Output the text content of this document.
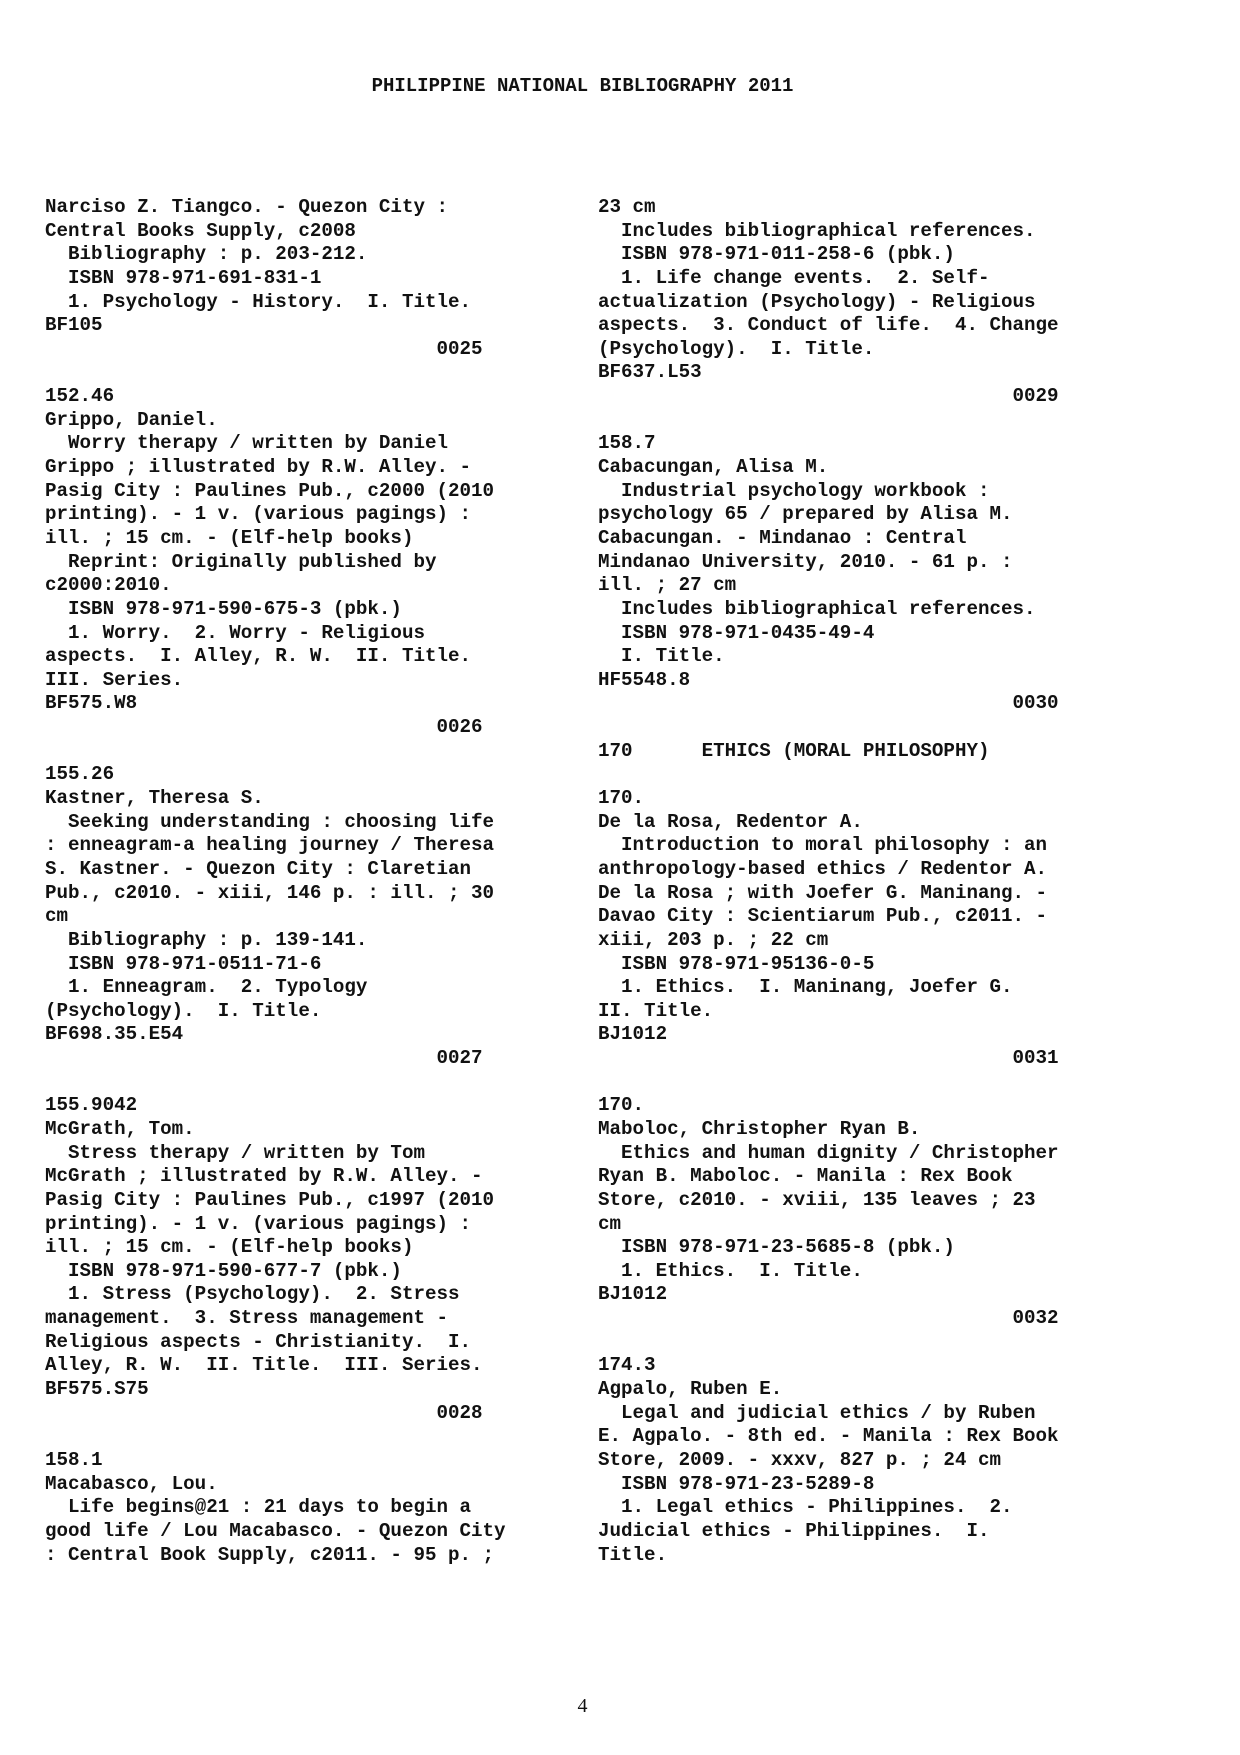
PHILIPPINE NATIONAL BIBLIOGRAPHY 2011
Narciso Z. Tiangco. - Quezon City :
Central Books Supply, c2008
Bibliography : p. 203-212.
ISBN 978-971-691-831-1
1. Psychology - History.  I. Title.
BF105
0025
152.46
Grippo, Daniel.
Worry therapy / written by Daniel
Grippo ; illustrated by R.W. Alley. -
Pasig City : Paulines Pub., c2000 (2010
printing). - 1 v. (various pagings) :
ill. ; 15 cm. - (Elf-help books)
Reprint: Originally published by
c2000:2010.
ISBN 978-971-590-675-3 (pbk.)
1. Worry.  2. Worry - Religious
aspects.  I. Alley, R. W.  II. Title.
III. Series.
BF575.W8
0026
155.26
Kastner, Theresa S.
Seeking understanding : choosing life
: enneagram-a healing journey / Theresa
S. Kastner. - Quezon City : Claretian
Pub., c2010. - xiii, 146 p. : ill. ; 30
cm
Bibliography : p. 139-141.
ISBN 978-971-0511-71-6
1. Enneagram.  2. Typology
(Psychology).  I. Title.
BF698.35.E54
0027
155.9042
McGrath, Tom.
Stress therapy / written by Tom
McGrath ; illustrated by R.W. Alley. -
Pasig City : Paulines Pub., c1997 (2010
printing). - 1 v. (various pagings) :
ill. ; 15 cm. - (Elf-help books)
ISBN 978-971-590-677-7 (pbk.)
1. Stress (Psychology).  2. Stress
management.  3. Stress management -
Religious aspects - Christianity.  I.
Alley, R. W.  II. Title.  III. Series.
BF575.S75
0028
158.1
Macabasco, Lou.
Life begins@21 : 21 days to begin a
good life / Lou Macabasco. - Quezon City
: Central Book Supply, c2011. - 95 p. ;
23 cm
Includes bibliographical references.
ISBN 978-971-011-258-6 (pbk.)
1. Life change events.  2. Self-
actualization (Psychology) - Religious
aspects.  3. Conduct of life.  4. Change
(Psychology).  I. Title.
BF637.L53
0029
158.7
Cabacungan, Alisa M.
Industrial psychology workbook :
psychology 65 / prepared by Alisa M.
Cabacungan. - Mindanao : Central
Mindanao University, 2010. - 61 p. :
ill. ; 27 cm
Includes bibliographical references.
ISBN 978-971-0435-49-4
I. Title.
HF5548.8
0030
170      ETHICS (MORAL PHILOSOPHY)
170.
De la Rosa, Redentor A.
Introduction to moral philosophy : an
anthropology-based ethics / Redentor A.
De la Rosa ; with Joefer G. Maninang. -
Davao City : Scientiarum Pub., c2011. -
xiii, 203 p. ; 22 cm
ISBN 978-971-95136-0-5
1. Ethics.  I. Maninang, Joefer G.
II. Title.
BJ1012
0031
170.
Maboloc, Christopher Ryan B.
Ethics and human dignity / Christopher
Ryan B. Maboloc. - Manila : Rex Book
Store, c2010. - xviii, 135 leaves ; 23
cm
ISBN 978-971-23-5685-8 (pbk.)
1. Ethics.  I. Title.
BJ1012
0032
174.3
Agpalo, Ruben E.
Legal and judicial ethics / by Ruben
E. Agpalo. - 8th ed. - Manila : Rex Book
Store, 2009. - xxxv, 827 p. ; 24 cm
ISBN 978-971-23-5289-8
1. Legal ethics - Philippines.  2.
Judicial ethics - Philippines.  I.
Title.
4
